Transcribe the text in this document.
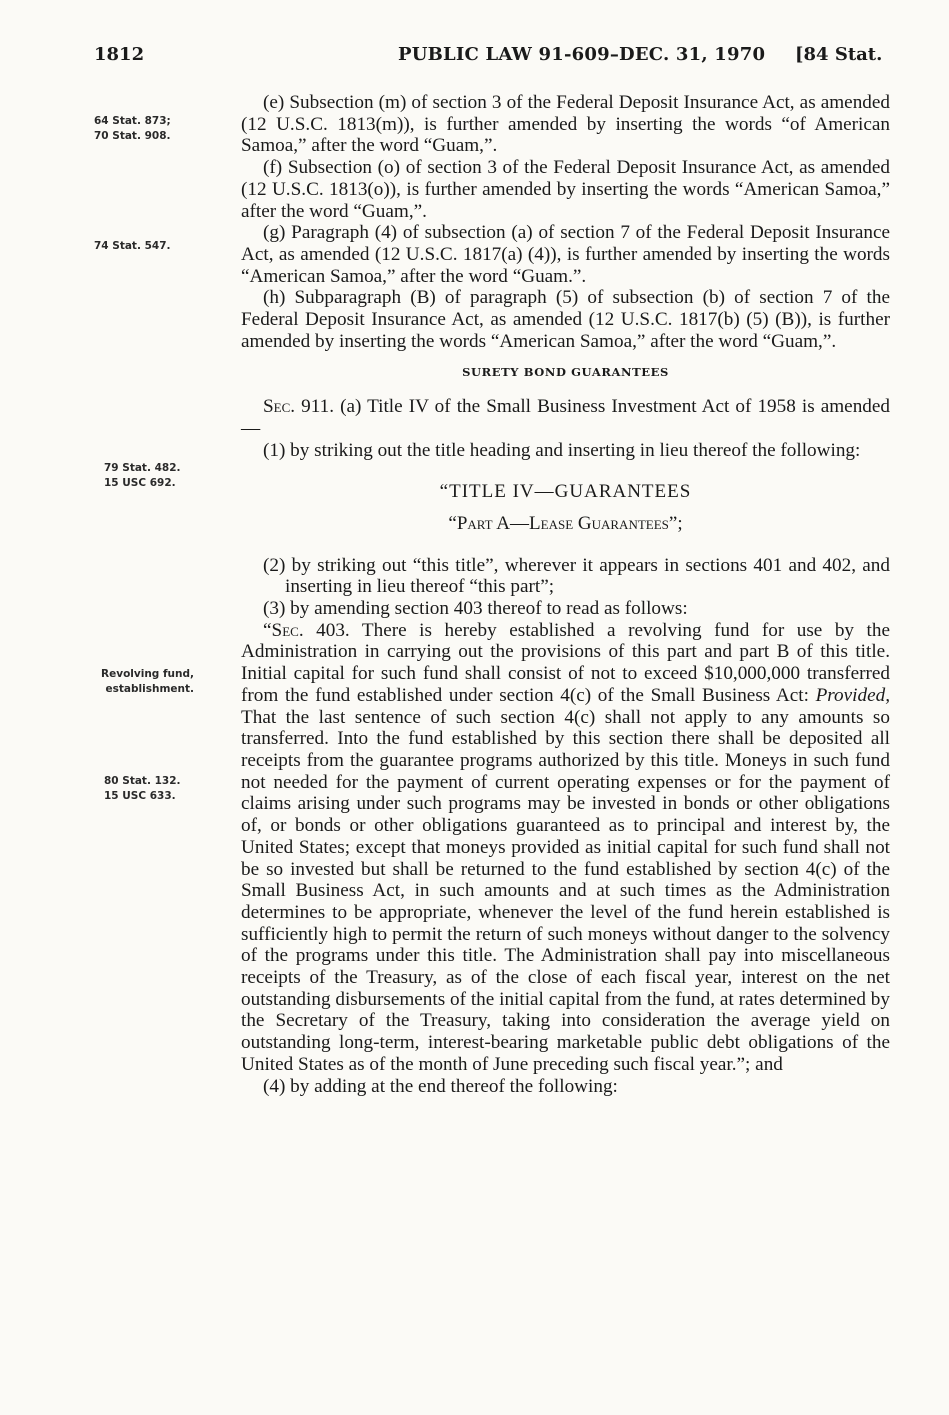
1812	PUBLIC LAW 91-609–DEC. 31, 1970 [84 Stat.
64 Stat. 873;
70 Stat. 908.
74 Stat. 547.
79 Stat. 482.
15 USC 692.
Revolving fund,
establishment.
80 Stat. 132.
15 USC 633.

(e) Subsection (m) of section 3 of the Federal Deposit Insurance Act, as amended (12 U.S.C. 1813(m)), is further amended by inserting the words “of American Samoa,” after the word “Guam,”.

(f) Subsection (o) of section 3 of the Federal Deposit Insurance Act, as amended (12 U.S.C. 1813(o)), is further amended by inserting the words “American Samoa,” after the word “Guam,”.

(g) Paragraph (4) of subsection (a) of section 7 of the Federal Deposit Insurance Act, as amended (12 U.S.C. 1817(a) (4)), is further amended by inserting the words “American Samoa,” after the word “Guam.”.

(h) Subparagraph (B) of paragraph (5) of subsection (b) of section 7 of the Federal Deposit Insurance Act, as amended (12 U.S.C. 1817(b) (5) (B)), is further amended by inserting the words “American Samoa,” after the word “Guam,”.

SURETY BOND GUARANTEES

Sec. 911. (a) Title IV of the Small Business Investment Act of 1958 is amended—

(1) by striking out the title heading and inserting in lieu thereof the following:

“TITLE IV—GUARANTEES
“Part A—Lease Guarantees”;

(2) by striking out “this title”, wherever it appears in sections 401 and 402, and inserting in lieu thereof “this part”;

(3) by amending section 403 thereof to read as follows:

“Sec. 403. There is hereby established a revolving fund for use by the Administration in carrying out the provisions of this part and part B of this title. Initial capital for such fund shall consist of not to exceed $10,000,000 transferred from the fund established under section 4(c) of the Small Business Act: Provided, That the last sentence of such section 4(c) shall not apply to any amounts so transferred. Into the fund established by this section there shall be deposited all receipts from the guarantee programs authorized by this title. Moneys in such fund not needed for the payment of current operating expenses or for the payment of claims arising under such programs may be invested in bonds or other obligations of, or bonds or other obligations guaranteed as to principal and interest by, the United States; except that moneys provided as initial capital for such fund shall not be so invested but shall be returned to the fund established by section 4(c) of the Small Business Act, in such amounts and at such times as the Administration determines to be appropriate, whenever the level of the fund herein established is sufficiently high to permit the return of such moneys without danger to the solvency of the programs under this title. The Administration shall pay into miscellaneous receipts of the Treasury, as of the close of each fiscal year, interest on the net outstanding disbursements of the initial capital from the fund, at rates determined by the Secretary of the Treasury, taking into consideration the average yield on outstanding long-term, interest-bearing marketable public debt obligations of the United States as of the month of June preceding such fiscal year.”; and

(4) by adding at the end thereof the following:
